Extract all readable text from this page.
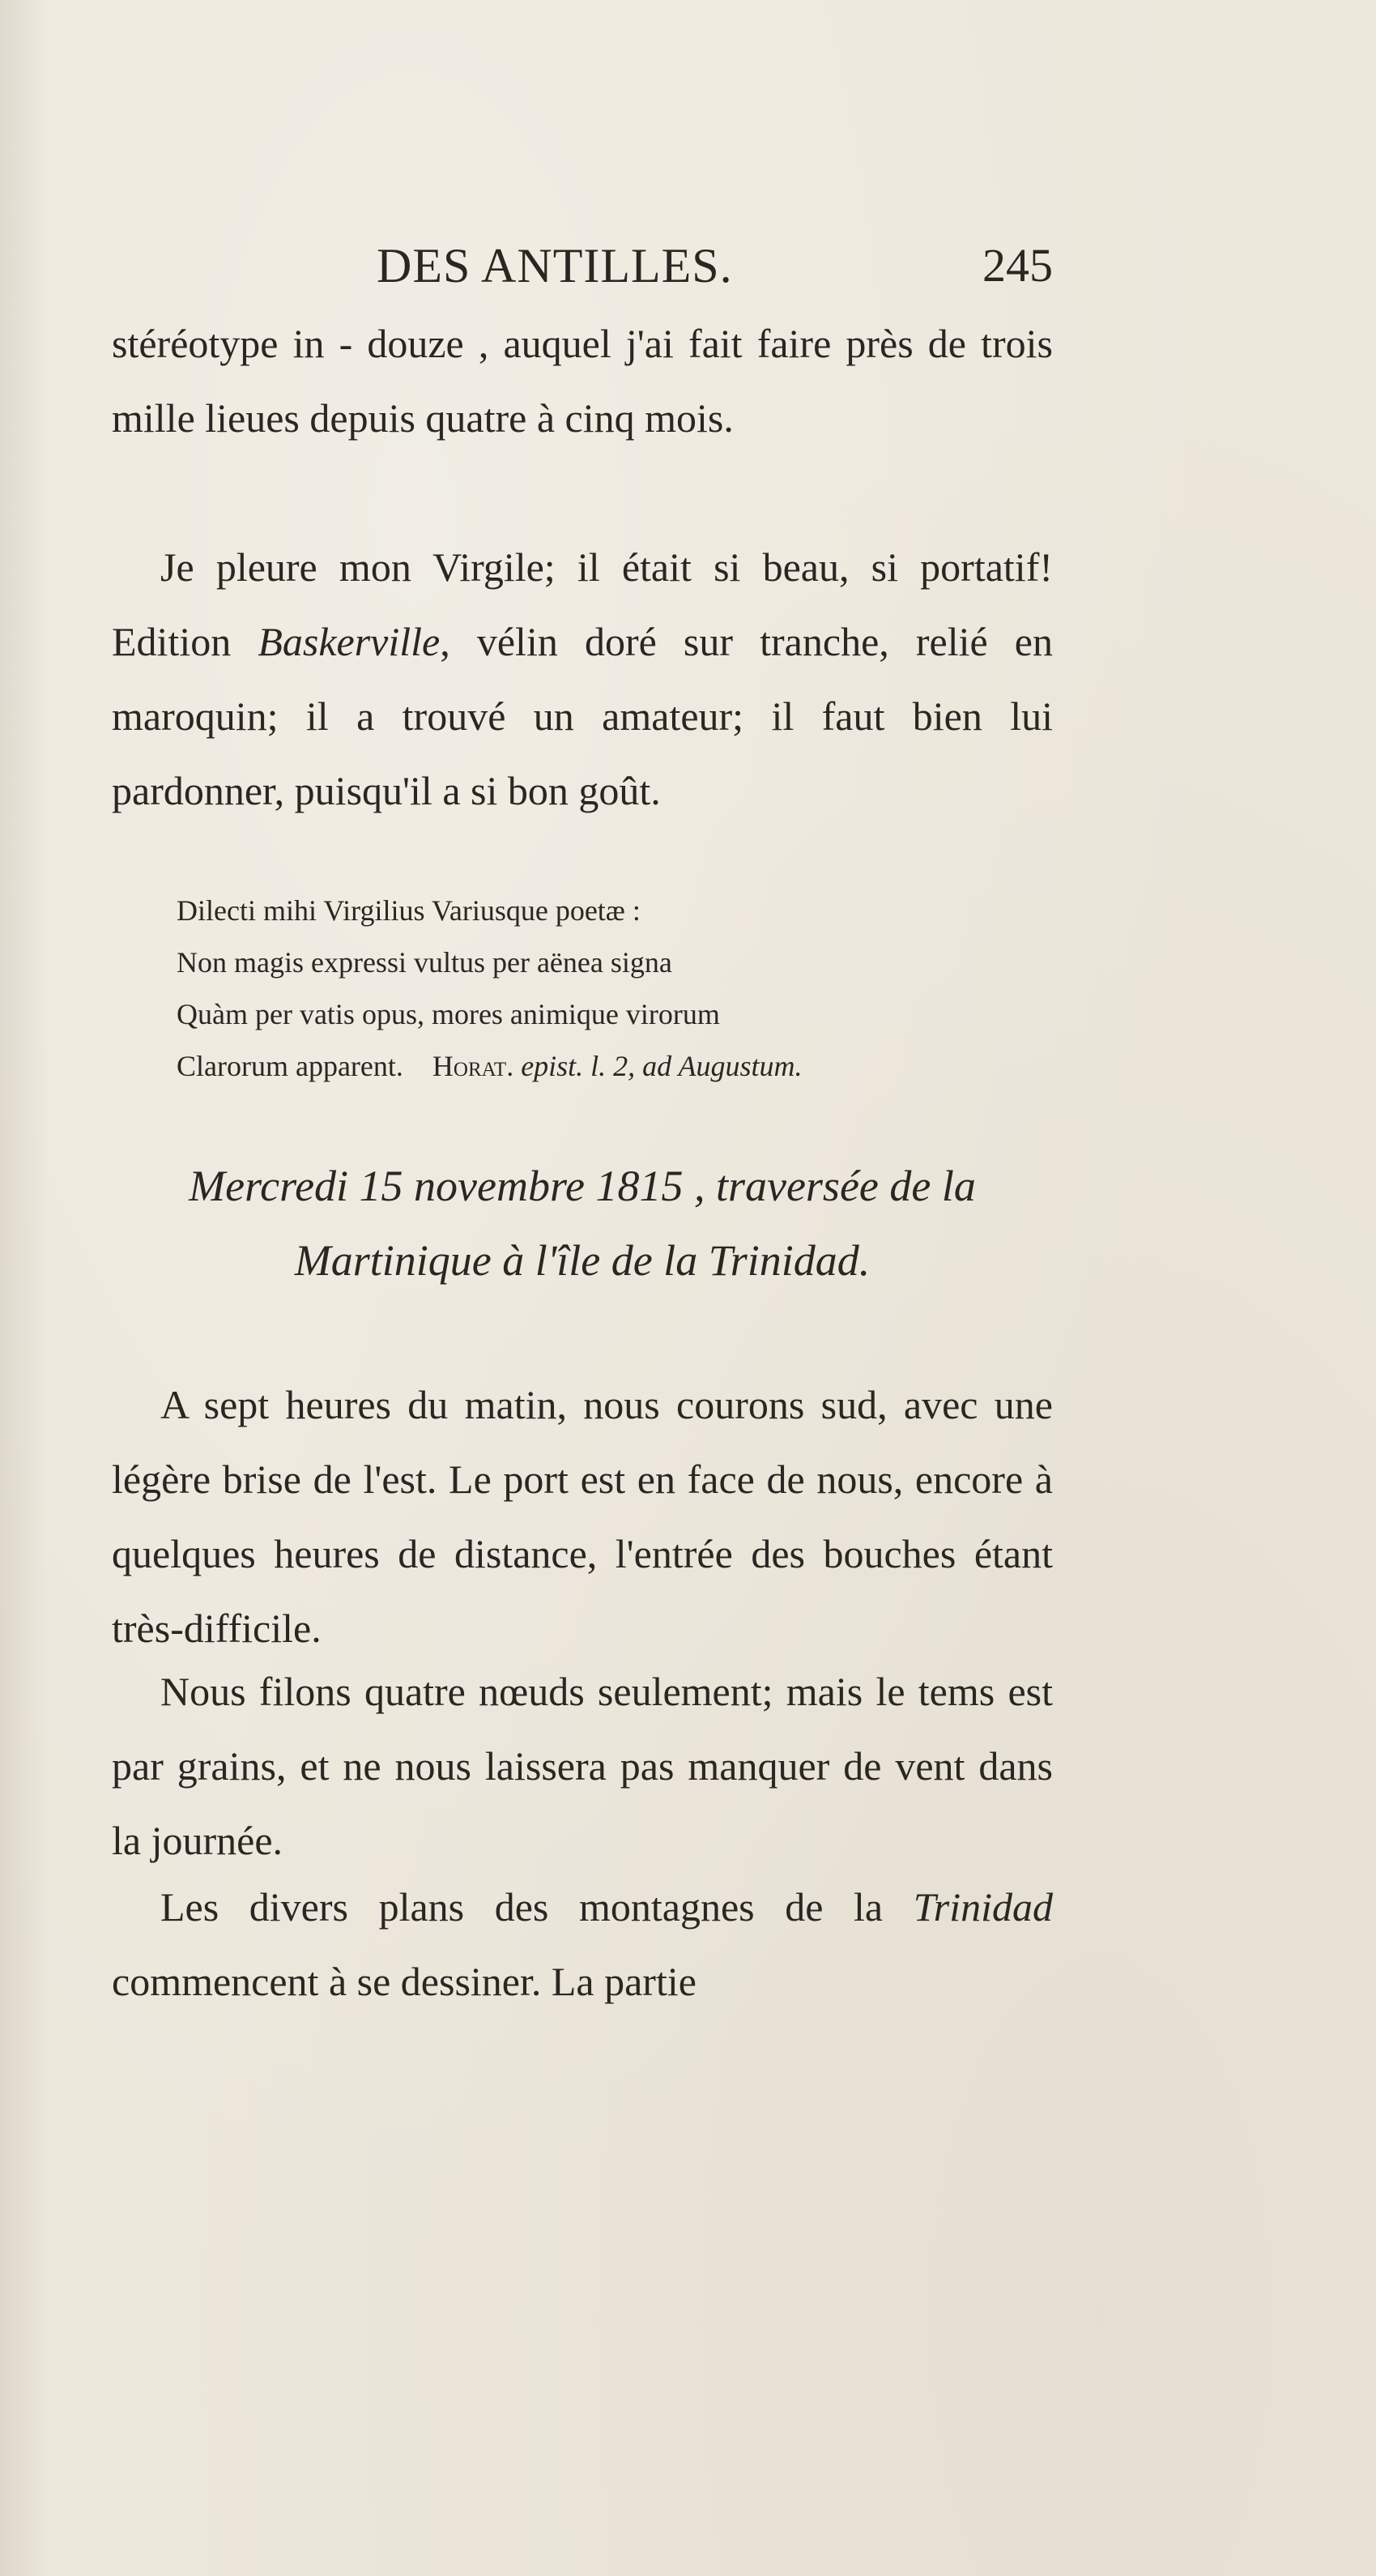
DES ANTILLES.	245

stéréotype in - douze , auquel j'ai fait faire près de trois mille lieues depuis quatre à cinq mois.

Je pleure mon Virgile; il était si beau, si portatif! Edition Baskervill​e, vélin doré sur tranche, relié en maroquin; il a trouvé un amateur; il faut bien lui pardonner, puisqu'il a si bon goût.

Dilecti mihi Virgilius Variusque poetæ :
Non magis expressi vultus per aënea signa
Quàm per vatis opus, mores animique virorum
Clarorum apparent. Horat. epist. l. 2, ad Augustum.
Mercredi 15 novembre 1815 , traversée de la
Martinique à l'île de la Trinidad.

A sept heures du matin, nous courons sud, avec une légère brise de l'est. Le port est en face de nous, encore à quelques heures de distance, l'entrée des bouches étant très-difficile.

Nous filons quatre nœuds seulement; mais le tems est par grains, et ne nous laissera pas manquer de vent dans la journée.

Les divers plans des montagnes de la Trinidad commencent à se dessiner. La partie
